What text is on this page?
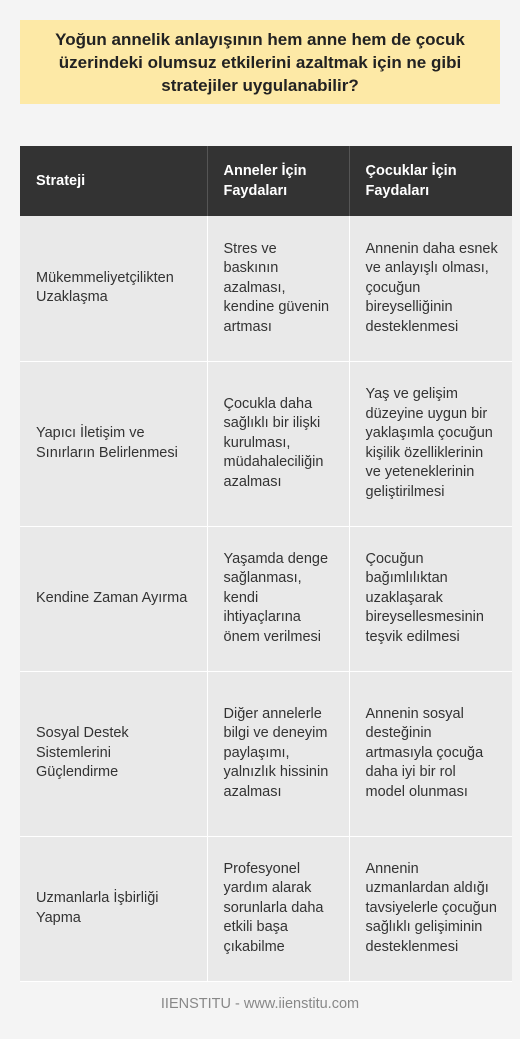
Yoğun annelik anlayışının hem anne hem de çocuk üzerindeki olumsuz etkilerini azaltmak için ne gibi stratejiler uygulanabilir?
Strateji	Anneler İçin Faydaları	Çocuklar İçin Faydaları
Mükemmeliyetçilikten Uzaklaşma	Stres ve baskının azalması, kendine güvenin artması	Annenin daha esnek ve anlayışlı olması, çocuğun bireyselliğinin desteklenmesi
Yapıcı İletişim ve Sınırların Belirlenmesi	Çocukla daha sağlıklı bir ilişki kurulması, müdahaleciliğin azalması	Yaş ve gelişim düzeyine uygun bir yaklaşımla çocuğun kişilik özelliklerinin ve yeteneklerinin geliştirilmesi
Kendine Zaman Ayırma	Yaşamda denge sağlanması, kendi ihtiyaçlarına önem verilmesi	Çocuğun bağımlılıktan uzaklaşarak bireysellesmesinin teşvik edilmesi
Sosyal Destek Sistemlerini Güçlendirme	Diğer annelerle bilgi ve deneyim paylaşımı, yalnızlık hissinin azalması	Annenin sosyal desteğinin artmasıyla çocuğa daha iyi bir rol model olunması
Uzmanlarla İşbirliği Yapma	Profesyonel yardım alarak sorunlarla daha etkili başa çıkabilme	Annenin uzmanlardan aldığı tavsiyelerle çocuğun sağlıklı gelişiminin desteklenmesi
IIENSTITU - www.iienstitu.com
